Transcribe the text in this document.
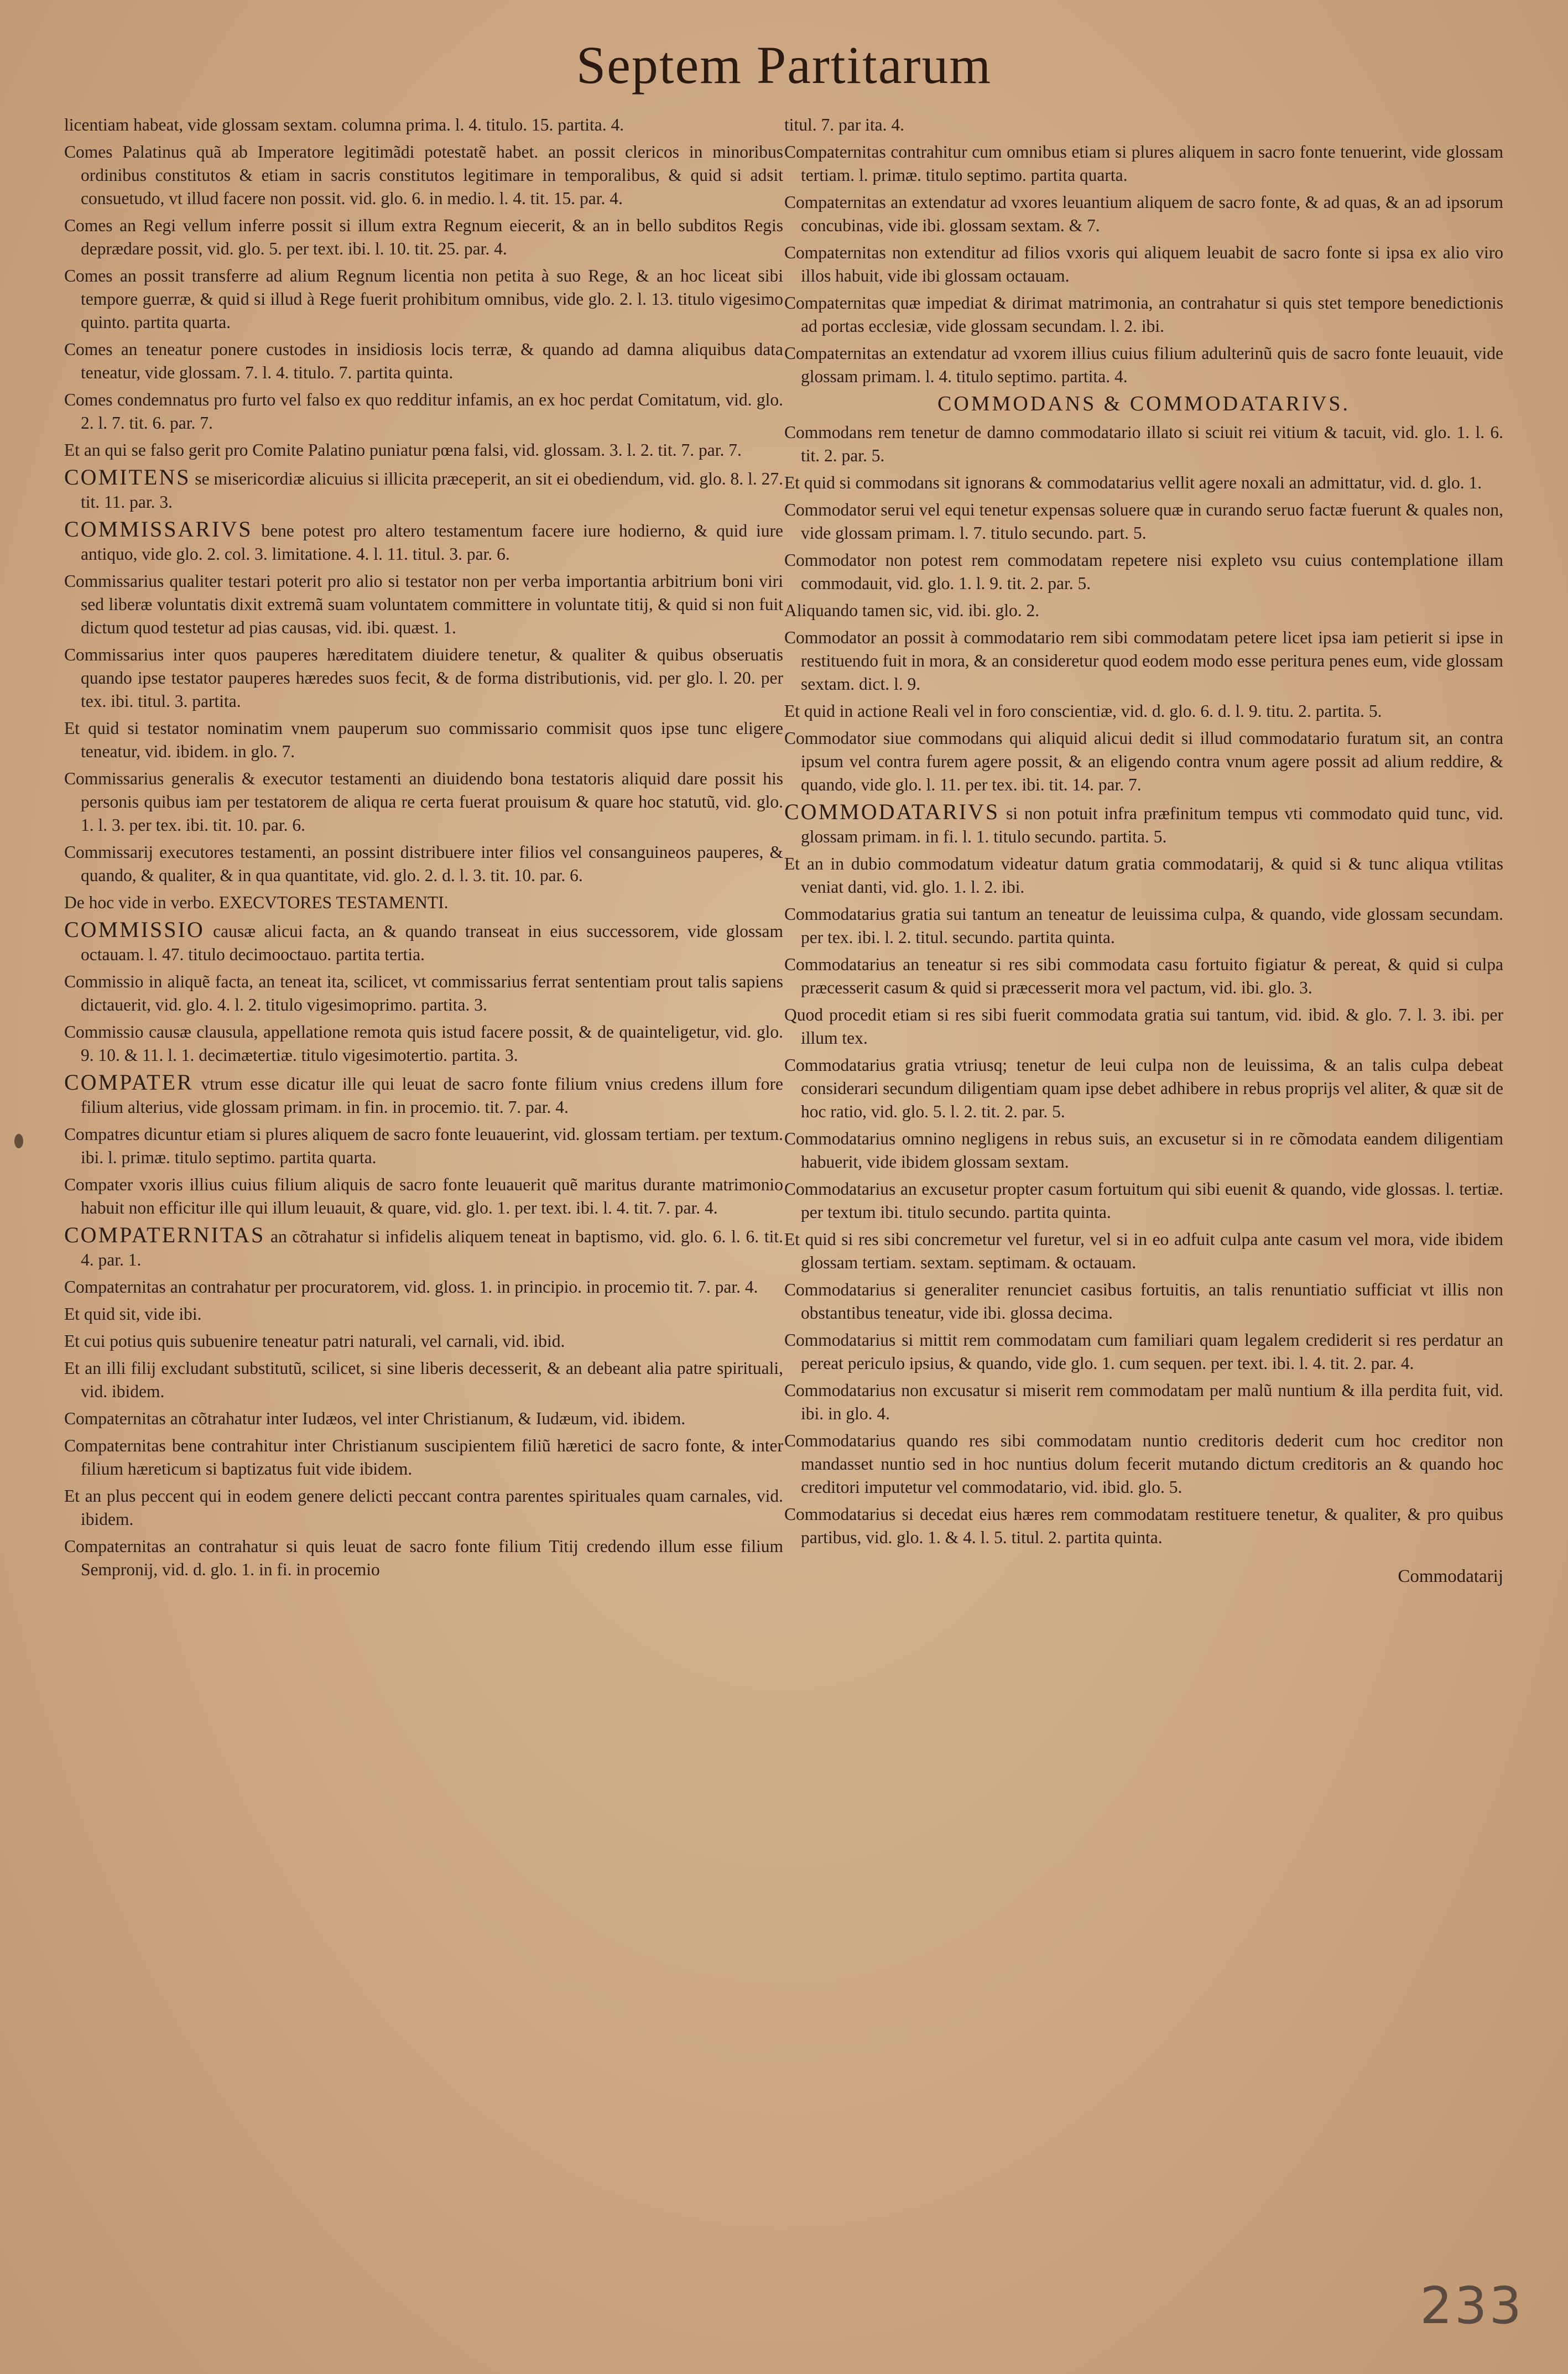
Septem Partitarum

licentiam habeat, vide glossam sextam. columna prima. l. 4. titulo. 15. partita. 4.

Comes Palatinus quã ab Imperatore legitimãdi potestatẽ habet. an possit clericos in minoribus ordinibus constitutos & etiam in sacris constitutos legitimare in temporalibus, & quid si adsit consuetudo, vt illud facere non possit. vid. glo. 6. in medio. l. 4. tit. 15. par. 4.

Comes an Regi vellum inferre possit si illum extra Regnum eiecerit, & an in bello subditos Regis deprædare possit, vid. glo. 5. per text. ibi. l. 10. tit. 25. par. 4.

Comes an possit transferre ad alium Regnum licentia non petita à suo Rege, & an hoc liceat sibi tempore guerræ, & quid si illud à Rege fuerit prohibitum omnibus, vide glo. 2. l. 13. titulo vigesimo quinto. partita quarta.

Comes an teneatur ponere custodes in insidiosis locis terræ, & quando ad damna aliquibus data teneatur, vide glossam. 7. l. 4. titulo. 7. partita quinta.

Comes condemnatus pro furto vel falso ex quo redditur infamis, an ex hoc perdat Comitatum, vid. glo. 2. l. 7. tit. 6. par. 7.

Et an qui se falso gerit pro Comite Palatino puniatur pœna falsi, vid. glossam. 3. l. 2. tit. 7. par. 7.

COMITENS se misericordiæ alicuius si illicita præceperit, an sit ei obediendum, vid. glo. 8. l. 27. tit. 11. par. 3.

COMMISSARIVS bene potest pro altero testamentum facere iure hodierno, & quid iure antiquo, vide glo. 2. col. 3. limitatione. 4. l. 11. titul. 3. par. 6.

Commissarius qualiter testari poterit pro alio si testator non per verba importantia arbitrium boni viri sed liberæ voluntatis dixit extremã suam voluntatem committere in voluntate titij, & quid si non fuit dictum quod testetur ad pias causas, vid. ibi. quæst. 1.

Commissarius inter quos pauperes hæreditatem diuidere tenetur, & qualiter & quibus obseruatis quando ipse testator pauperes hæredes suos fecit, & de forma distributionis, vid. per glo. l. 20. per tex. ibi. titul. 3. partita.

Et quid si testator nominatim vnem pauperum suo commissario commisit quos ipse tunc eligere teneatur, vid. ibidem. in glo. 7.

Commissarius generalis & executor testamenti an diuidendo bona testatoris aliquid dare possit his personis quibus iam per testatorem de aliqua re certa fuerat prouisum & quare hoc statutũ, vid. glo. 1. l. 3. per tex. ibi. tit. 10. par. 6.

Commissarij executores testamenti, an possint distribuere inter filios vel consanguineos pauperes, & quando, & qualiter, & in qua quantitate, vid. glo. 2. d. l. 3. tit. 10. par. 6.

De hoc vide in verbo. EXECVTORES TESTAMENTI.

COMMISSIO causæ alicui facta, an & quando transeat in eius successorem, vide glossam octauam. l. 47. titulo decimooctauo. partita tertia.

Commissio in aliquẽ facta, an teneat ita, scilicet, vt commissarius ferrat sententiam prout talis sapiens dictauerit, vid. glo. 4. l. 2. titulo vigesimoprimo. partita. 3.

Commissio causæ clausula, appellatione remota quis istud facere possit, & de quainteligetur, vid. glo. 9. 10. & 11. l. 1. decimætertiæ. titulo vigesimotertio. partita. 3.

COMPATER vtrum esse dicatur ille qui leuat de sacro fonte filium vnius credens illum fore filium alterius, vide glossam primam. in fin. in procemio. tit. 7. par. 4.

Compatres dicuntur etiam si plures aliquem de sacro fonte leuauerint, vid. glossam tertiam. per textum. ibi. l. primæ. titulo septimo. partita quarta.

Compater vxoris illius cuius filium aliquis de sacro fonte leuauerit quẽ maritus durante matrimonio habuit non efficitur ille qui illum leuauit, & quare, vid. glo. 1. per text. ibi. l. 4. tit. 7. par. 4.

COMPATERNITAS an cõtrahatur si infidelis aliquem teneat in baptismo, vid. glo. 6. l. 6. tit. 4. par. 1.

Compaternitas an contrahatur per procuratorem, vid. gloss. 1. in principio. in procemio tit. 7. par. 4.

Et quid sit, vide ibi.

Et cui potius quis subuenire teneatur patri naturali, vel carnali, vid. ibid.

Et an illi filij excludant substitutũ, scilicet, si sine liberis decesserit, & an debeant alia patre spirituali, vid. ibidem.

Compaternitas an cõtrahatur inter Iudæos, vel inter Christianum, & Iudæum, vid. ibidem.

Compaternitas bene contrahitur inter Christianum suscipientem filiũ hæretici de sacro fonte, & inter filium hæreticum si baptizatus fuit vide ibidem.

Et an plus peccent qui in eodem genere delicti peccant contra parentes spirituales quam carnales, vid. ibidem.

Compaternitas an contrahatur si quis leuat de sacro fonte filium Titij credendo illum esse filium Sempronij, vid. d. glo. 1. in fi. in procemio

titul. 7. par ita. 4.

Compaternitas contrahitur cum omnibus etiam si plures aliquem in sacro fonte tenuerint, vide glossam tertiam. l. primæ. titulo septimo. partita quarta.

Compaternitas an extendatur ad vxores leuantium aliquem de sacro fonte, & ad quas, & an ad ipsorum concubinas, vide ibi. glossam sextam. & 7.

Compaternitas non extenditur ad filios vxoris qui aliquem leuabit de sacro fonte si ipsa ex alio viro illos habuit, vide ibi glossam octauam.

Compaternitas quæ impediat & dirimat matrimonia, an contrahatur si quis stet tempore benedictionis ad portas ecclesiæ, vide glossam secundam. l. 2. ibi.

Compaternitas an extendatur ad vxorem illius cuius filium adulterinũ quis de sacro fonte leuauit, vide glossam primam. l. 4. titulo septimo. partita. 4.

COMMODANS & COMMODATARIVS.

Commodans rem tenetur de damno commodatario illato si sciuit rei vitium & tacuit, vid. glo. 1. l. 6. tit. 2. par. 5.

Et quid si commodans sit ignorans & commodatarius vellit agere noxali an admittatur, vid. d. glo. 1.

Commodator serui vel equi tenetur expensas soluere quæ in curando seruo factæ fuerunt & quales non, vide glossam primam. l. 7. titulo secundo. part. 5.

Commodator non potest rem commodatam repetere nisi expleto vsu cuius contemplatione illam commodauit, vid. glo. 1. l. 9. tit. 2. par. 5.

Aliquando tamen sic, vid. ibi. glo. 2.

Commodator an possit à commodatario rem sibi commodatam petere licet ipsa iam petierit si ipse in restituendo fuit in mora, & an consideretur quod eodem modo esse peritura penes eum, vide glossam sextam. dict. l. 9.

Et quid in actione Reali vel in foro conscientiæ, vid. d. glo. 6. d. l. 9. titu. 2. partita. 5.

Commodator siue commodans qui aliquid alicui dedit si illud commodatario furatum sit, an contra ipsum vel contra furem agere possit, & an eligendo contra vnum agere possit ad alium reddire, & quando, vide glo. l. 11. per tex. ibi. tit. 14. par. 7.

COMMODATARIVS si non potuit infra præfinitum tempus vti commodato quid tunc, vid. glossam primam. in fi. l. 1. titulo secundo. partita. 5.

Et an in dubio commodatum videatur datum gratia commodatarij, & quid si & tunc aliqua vtilitas veniat danti, vid. glo. 1. l. 2. ibi.

Commodatarius gratia sui tantum an teneatur de leuissima culpa, & quando, vide glossam secundam. per tex. ibi. l. 2. titul. secundo. partita quinta.

Commodatarius an teneatur si res sibi commodata casu fortuito figiatur & pereat, & quid si culpa præcesserit casum & quid si præcesserit mora vel pactum, vid. ibi. glo. 3.

Quod procedit etiam si res sibi fuerit commodata gratia sui tantum, vid. ibid. & glo. 7. l. 3. ibi. per illum tex.

Commodatarius gratia vtriusq; tenetur de leui culpa non de leuissima, & an talis culpa debeat considerari secundum diligentiam quam ipse debet adhibere in rebus proprijs vel aliter, & quæ sit de hoc ratio, vid. glo. 5. l. 2. tit. 2. par. 5.

Commodatarius omnino negligens in rebus suis, an excusetur si in re cõmodata eandem diligentiam habuerit, vide ibidem glossam sextam.

Commodatarius an excusetur propter casum fortuitum qui sibi euenit & quando, vide glossas. l. tertiæ. per textum ibi. titulo secundo. partita quinta.

Et quid si res sibi concremetur vel furetur, vel si in eo adfuit culpa ante casum vel mora, vide ibidem glossam tertiam. sextam. septimam. & octauam.

Commodatarius si generaliter renunciet casibus fortuitis, an talis renuntiatio sufficiat vt illis non obstantibus teneatur, vide ibi. glossa decima.

Commodatarius si mittit rem commodatam cum familiari quam legalem crediderit si res perdatur an pereat periculo ipsius, & quando, vide glo. 1. cum sequen. per text. ibi. l. 4. tit. 2. par. 4.

Commodatarius non excusatur si miserit rem commodatam per malũ nuntium & illa perdita fuit, vid. ibi. in glo. 4.

Commodatarius quando res sibi commodatam nuntio creditoris dederit cum hoc creditor non mandasset nuntio sed in hoc nuntius dolum fecerit mutando dictum creditoris an & quando hoc creditori imputetur vel commodatario, vid. ibid. glo. 5.

Commodatarius si decedat eius hæres rem commodatam restituere tenetur, & qualiter, & pro quibus partibus, vid. glo. 1. & 4. l. 5. titul. 2. partita quinta.

Commodatarij
233
